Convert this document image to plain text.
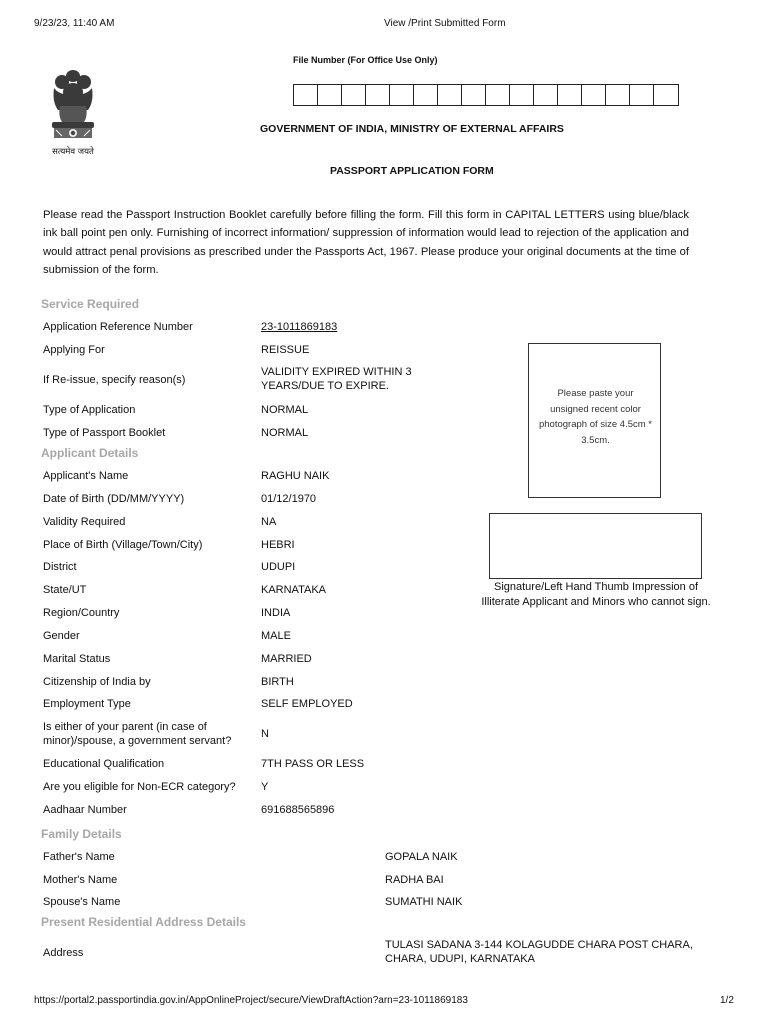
9/23/23, 11:40 AM	View /Print Submitted Form
सत्यमेव जयते
File Number (For Office Use Only)
GOVERNMENT OF INDIA, MINISTRY OF EXTERNAL AFFAIRS
PASSPORT APPLICATION FORM
Please read the Passport Instruction Booklet carefully before filling the form. Fill this form in CAPITAL LETTERS using blue/black ink ball point pen only. Furnishing of incorrect information/ suppression of information would lead to rejection of the application and would attract penal provisions as prescribed under the Passports Act, 1967. Please produce your original documents at the time of submission of the form.
Service Required
Application Reference Number	23-1011869183
Applying For	REISSUE
If Re-issue, specify reason(s)
VALIDITY EXPIRED WITHIN 3 YEARS/DUE TO EXPIRE.
Type of Application	NORMAL
Type of Passport Booklet	NORMAL
Applicant Details
Applicant's Name	RAGHU NAIK
Date of Birth (DD/MM/YYYY)	01/12/1970
Validity Required	NA
Place of Birth (Village/Town/City)	HEBRI
District	UDUPI
State/UT	KARNATAKA
Region/Country	INDIA
Gender	MALE
Marital Status	MARRIED
Citizenship of India by	BIRTH
Employment Type	SELF EMPLOYED
Is either of your parent (in case of minor)/spouse, a government servant?
N
Educational Qualification	7TH PASS OR LESS
Are you eligible for Non-ECR category? Y
Aadhaar Number	691688565896
Please paste your unsigned recent color photograph of size 4.5cm * 3.5cm.
Signature/Left Hand Thumb Impression of Illiterate Applicant and Minors who cannot sign.
Family Details
Father's Name	GOPALA NAIK
Mother's Name	RADHA BAI
Spouse's Name	SUMATHI NAIK
Present Residential Address Details
Address
TULASI SADANA 3-144 KOLAGUDDE CHARA POST CHARA, CHARA, UDUPI, KARNATAKA
https://portal2.passportindia.gov.in/AppOnlineProject/secure/ViewDraftAction?arn=23-1011869183	1/2
